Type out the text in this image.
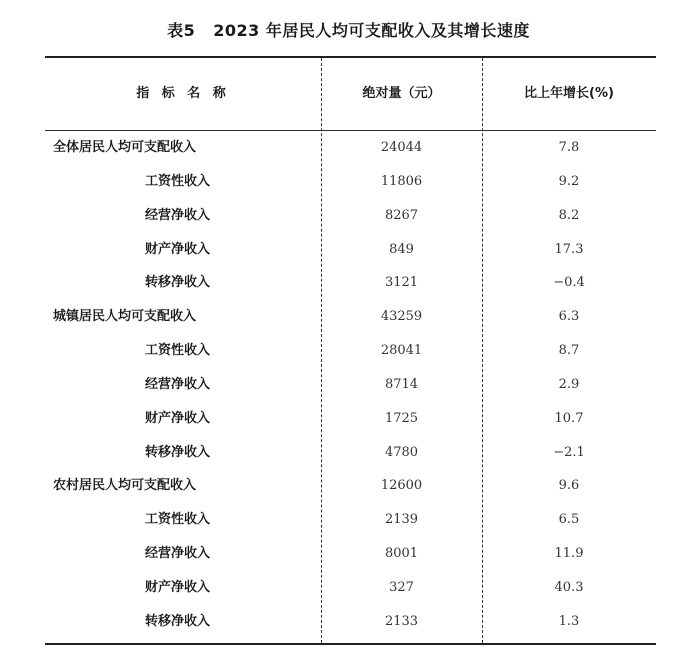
表5 2023 年居民人均可支配收入及其增长速度
指 标 名 称	绝对量（元）	比上年增长(%)
全体居民人均可支配收入	24044	7.8
工资性收入	11806	9.2
经营净收入	8267	8.2
财产净收入	849	17.3
转移净收入	3121	−0.4
城镇居民人均可支配收入	43259	6.3
工资性收入	28041	8.7
经营净收入	8714	2.9
财产净收入	1725	10.7
转移净收入	4780	−2.1
农村居民人均可支配收入	12600	9.6
工资性收入	2139	6.5
经营净收入	8001	11.9
财产净收入	327	40.3
转移净收入	2133	1.3
